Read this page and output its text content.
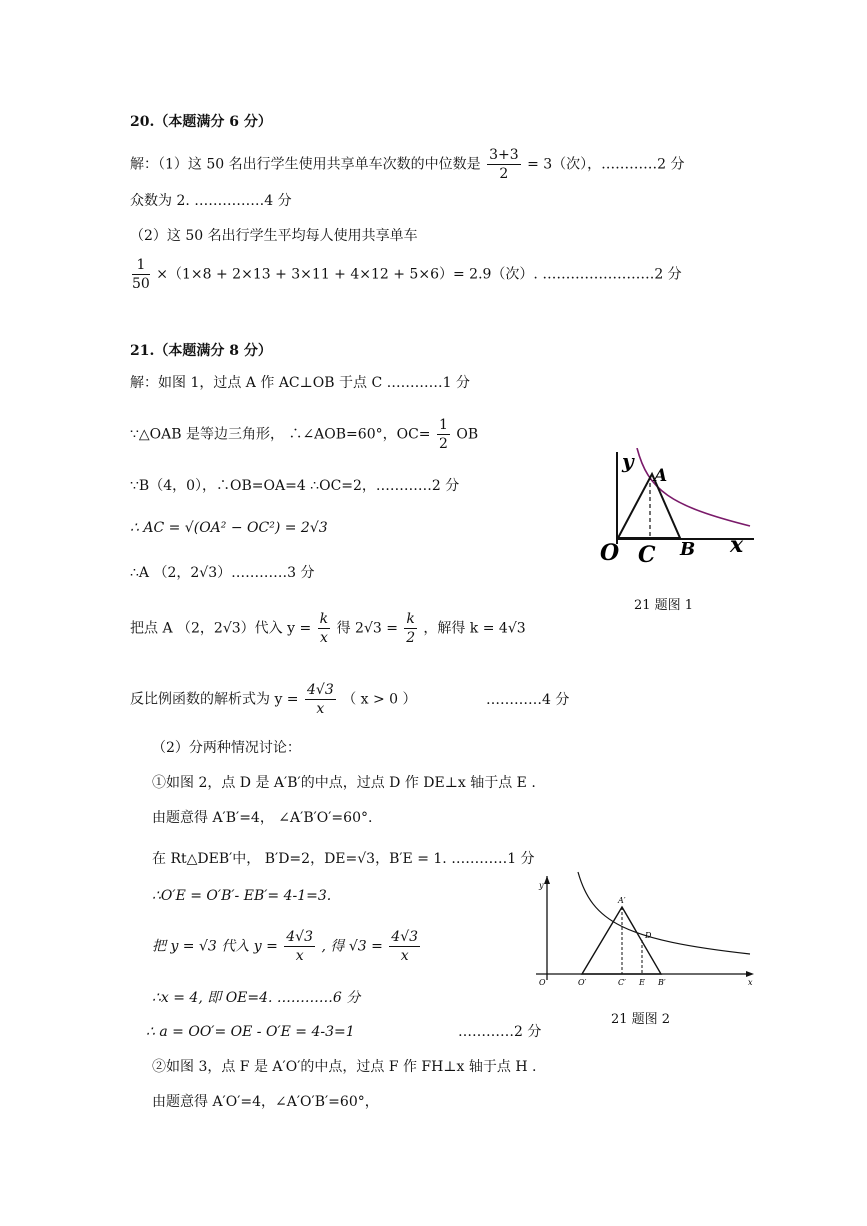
20.（本题满分 6 分）
解：（1）这 50 名出行学生使用共享单车次数的中位数是 $\frac{3+3}{2} = 3$（次），…………2 分
众数为 2. ……………4 分
（2）这 50 名出行学生平均每人使用共享单车
$\frac{1}{50} \times(1\times 8 + 2\times 13 + 3\times 11 + 4\times 12 + 5\times 6)= 2.9$（次）. ……………………2 分
21.（本题满分 8 分）
解：如图 1，过点 A 作 AC⊥OB 于点 C …………1 分
∵△OAB 是等边三角形， ∴∠AOB=60°，$OC= \frac{1}{2}$ OB
∵B（4，0），∴OB=OA=4 ∴OC=2，…………2 分
∴ AC = √(OA² − OC²) = 2√3
∴A （2，2√3）…………3 分
把点 A （2，2√3）代入 $y = \frac{k}{x}$ 得 $2√3 = \frac{k}{2}$ ，解得 k = 4√3
反比例函数的解析式为 $y = \frac{4√3}{x}$ （ x > 0 ）	…………4 分
（2）分两种情况讨论：
①如图 2，点 D 是 A′B′的中点，过点 D 作 DE⊥x 轴于点 E .
由题意得 A′B′=4， ∠A′B′O′=60°.
在 Rt△DEB′中， B′D=2，DE=√3，B′E = 1. …………1 分
∴O′E = O′B′- EB′= 4-1=3.
把 y = √3 代入 $y = \frac{4√3}{x}$ , 得 $√3 = \frac{4√3}{x}$
∴x = 4, 即 OE=4. …………6 分
∴ a = OO′= OE - O′E = 4-3=1	…………2 分
②如图 3，点 F 是 A′O′的中点，过点 F 作 FH⊥x 轴于点 H .
由题意得 A′O′=4，∠A′O′B′=60°，
y
A
O C B x
21 题图 1
y
A′
D
O	O′	C′ E B′	x
21 题图 2
